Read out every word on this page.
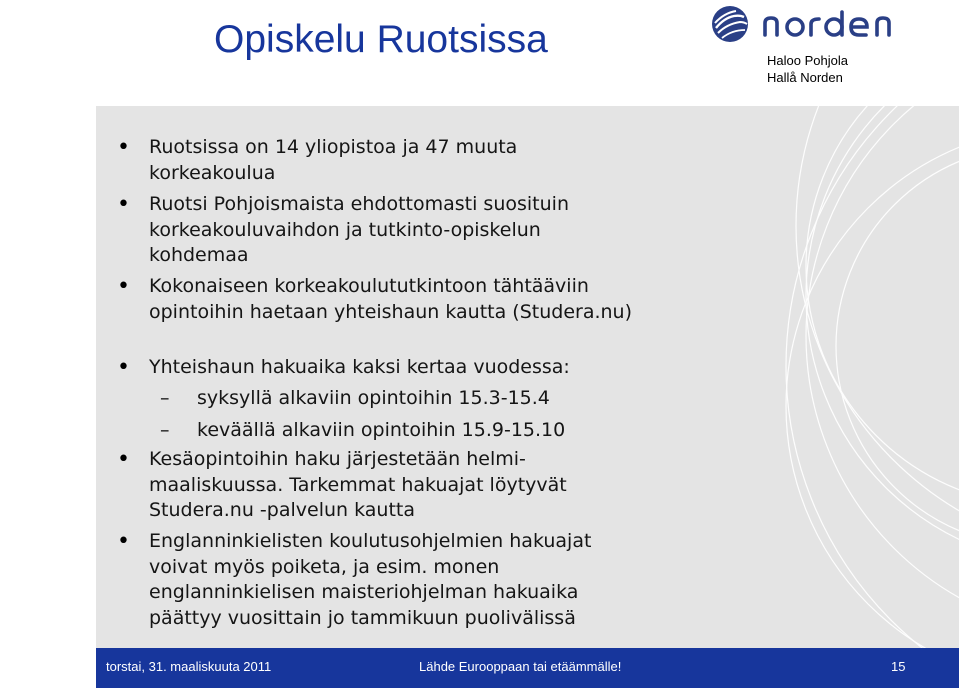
Opiskelu Ruotsissa	Haloo Pohjola
Hallå Norden
• Ruotsissa on 14 yliopistoa ja 47 muuta korkeakoulua
• Ruotsi Pohjoismaista ehdottomasti suosituin korkeakouluvaihdon ja tutkinto-opiskelun kohdemaa
• Kokonaiseen korkeakoulututkintoon tähtääviin opintoihin haetaan yhteishaun kautta (Studera.nu)
• Yhteishaun hakuaika kaksi kertaa vuodessa:
– syksyllä alkaviin opintoihin 15.3-15.4
– keväällä alkaviin opintoihin 15.9-15.10
• Kesäopintoihin haku järjestetään helmi-maaliskuussa. Tarkemmat hakuajat löytyvät Studera.nu -palvelun kautta
• Englanninkielisten koulutusohjelmien hakuajat voivat myös poiketa, ja esim. monen englanninkielisen maisteriohjelman hakuaika päättyy vuosittain jo tammikuun puolivälissä
torstai, 31. maaliskuuta 2011	Lähde Eurooppaan tai etäämmälle!	15
